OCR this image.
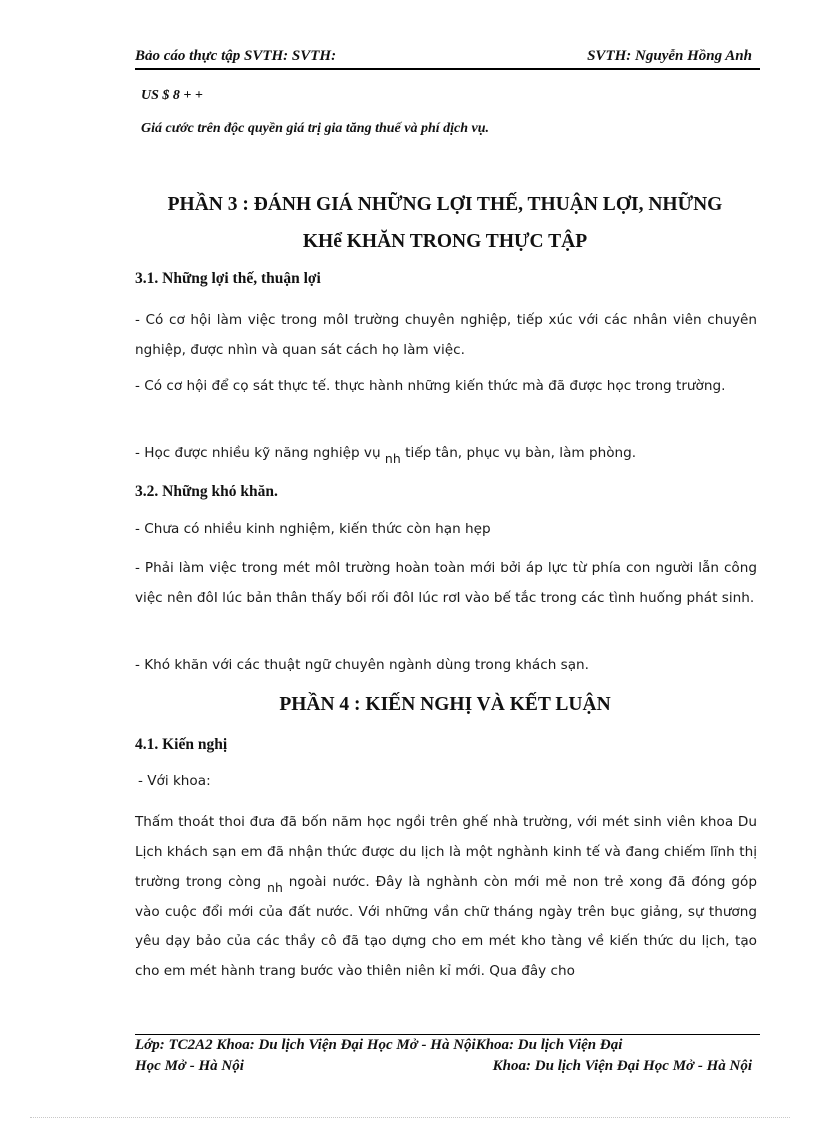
Bảo cáo thực tập SVTH: SVTH:	SVTH: Nguyễn Hồng Anh
US $ 8 + +
Giá cước trên độc quyền giá trị gia tăng thuế và phí dịch vụ.
PHẦN 3 : ĐÁNH GIÁ NHỮNG LỢI THẾ, THUẬN LỢI, NHỮNG
KHể KHĂN TRONG THỰC TẬP
3.1. Những lợi thế, thuận lợi
- Có cơ hội làm việc trong môI trường chuyên nghiệp, tiếp xúc với các nhân viên chuyên nghiệp, được nhìn và quan sát cách họ làm việc.
- Có cơ hội để cọ sát thực tế. thực hành những kiến thức mà đã được học trong trường.
- Học được nhiều kỹ năng nghiệp vụ nh tiếp tân, phục vụ bàn, làm phòng.
3.2. Những khó khăn.
- Chưa có nhiều kinh nghiệm, kiến thức còn hạn hẹp
- Phải làm việc trong mét môI trường hoàn toàn mới bởi áp lực từ phía con người lẫn công việc nên đôI lúc bản thân thấy bối rối đôI lúc rơI vào bế tắc trong các tình huống phát sinh.
- Khó khăn với các thuật ngữ chuyên ngành dùng trong khách sạn.
PHẦN 4 : KIẾN NGHỊ VÀ KẾT LUẬN
4.1. Kiến nghị
- Với khoa:
Thấm thoát thoi đưa đã bốn năm học ngồi trên ghế nhà trường, với mét sinh viên khoa Du Lịch khách sạn em đã nhận thức được du lịch là một nghành kinh tế và đang chiếm lĩnh thị trường trong còng nh ngoài nước. Đây là nghành còn mới mẻ non trẻ xong đã đóng góp vào cuộc đổi mới của đất nước. Với những vần chữ tháng ngày trên bục giảng, sự thương yêu dạy bảo của các thầy cô đã tạo dựng cho em mét kho tàng về kiến thức du lịch, tạo cho em mét hành trang bước vào thiên niên kỉ mới. Qua đây cho
Lớp: TC2A2 Khoa: Du lịch Viện Đại Học Mở - Hà NộiKhoa: Du lịch Viện Đại
Học Mở - Hà Nội	Khoa: Du lịch Viện Đại Học Mở - Hà Nội
